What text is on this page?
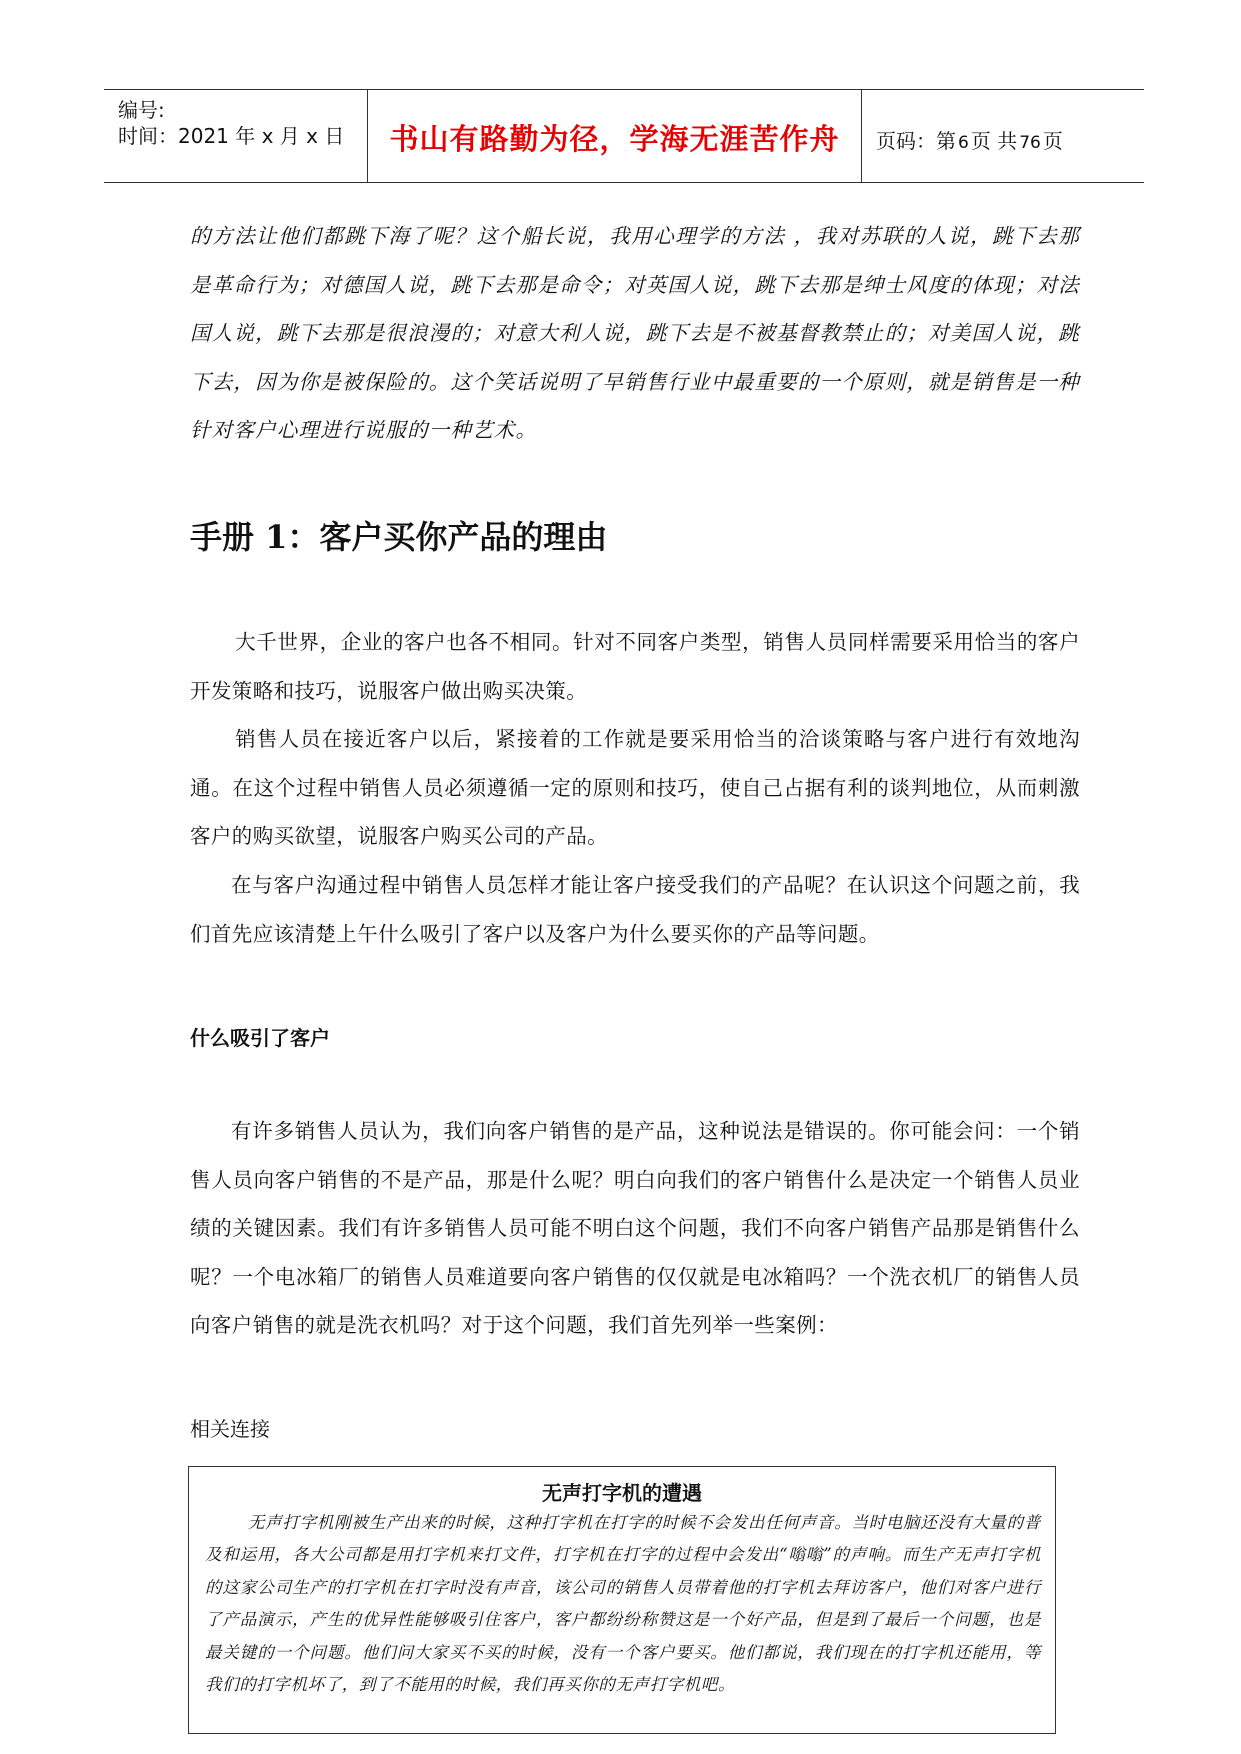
编号:
时间：2021 年 x 月 x 日	书山有路勤为径，学海无涯苦作舟	页码：第 6 页 共 76 页

的方法让他们都跳下海了呢？这个船长说，我用心理学的方法 ，我对苏联的人说，跳下去那是革命行为；对德国人说，跳下去那是命令；对英国人说，跳下去那是绅士风度的体现；对法国人说，跳下去那是很浪漫的；对意大利人说，跳下去是不被基督教禁止的；对美国人说，跳下去，因为你是被保险的。这个笑话说明了早销售行业中最重要的一个原则，就是销售是一种针对客户心理进行说服的一种艺术。

手册 1：客户买你产品的理由

大千世界，企业的客户也各不相同。针对不同客户类型，销售人员同样需要采用恰当的客户开发策略和技巧，说服客户做出购买决策。

销售人员在接近客户以后，紧接着的工作就是要采用恰当的洽谈策略与客户进行有效地沟通。在这个过程中销售人员必须遵循一定的原则和技巧，使自己占据有利的谈判地位，从而刺激客户的购买欲望，说服客户购买公司的产品。

在与客户沟通过程中销售人员怎样才能让客户接受我们的产品呢？在认识这个问题之前，我们首先应该清楚上午什么吸引了客户以及客户为什么要买你的产品等问题。

什么吸引了客户

有许多销售人员认为，我们向客户销售的是产品，这种说法是错误的。你可能会问：一个销售人员向客户销售的不是产品，那是什么呢？明白向我们的客户销售什么是决定一个销售人员业绩的关键因素。我们有许多销售人员可能不明白这个问题，我们不向客户销售产品那是销售什么呢？一个电冰箱厂的销售人员难道要向客户销售的仅仅就是电冰箱吗？一个洗衣机厂的销售人员向客户销售的就是洗衣机吗？对于这个问题，我们首先列举一些案例：

相关连接
无声打字机的遭遇

无声打字机刚被生产出来的时候，这种打字机在打字的时候不会发出任何声音。当时电脑还没有大量的普及和运用，各大公司都是用打字机来打文件，打字机在打字的过程中会发出“嗡嗡”的声响。而生产无声打字机的这家公司生产的打字机在打字时没有声音，该公司的销售人员带着他的打字机去拜访客户，他们对客户进行了产品演示，产生的优异性能够吸引住客户，客户都纷纷称赞这是一个好产品，但是到了最后一个问题，也是最关键的一个问题。他们问大家买不买的时候，没有一个客户要买。他们都说，我们现在的打字机还能用，等我们的打字机坏了，到了不能用的时候，我们再买你的无声打字机吧。
